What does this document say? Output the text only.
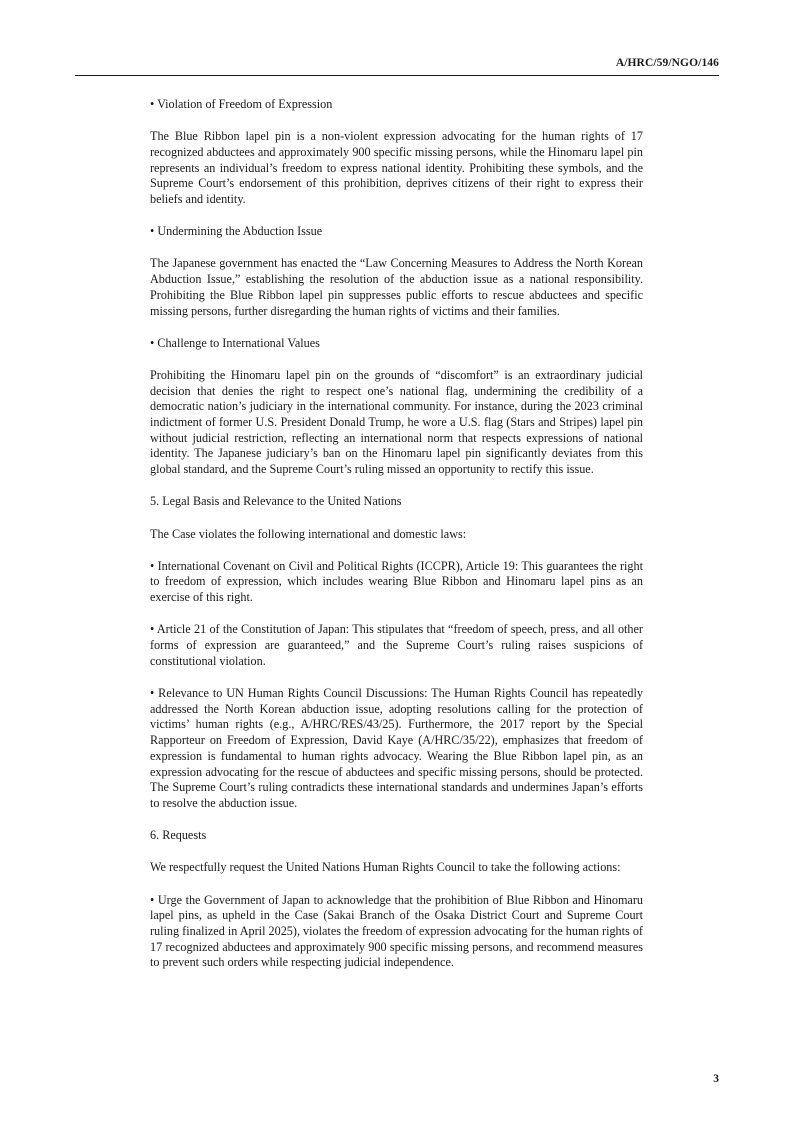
A/HRC/59/NGO/146

• Violation of Freedom of Expression

The Blue Ribbon lapel pin is a non-violent expression advocating for the human rights of 17 recognized abductees and approximately 900 specific missing persons, while the Hinomaru lapel pin represents an individual’s freedom to express national identity. Prohibiting these symbols, and the Supreme Court’s endorsement of this prohibition, deprives citizens of their right to express their beliefs and identity.

• Undermining the Abduction Issue

The Japanese government has enacted the “Law Concerning Measures to Address the North Korean Abduction Issue,” establishing the resolution of the abduction issue as a national responsibility. Prohibiting the Blue Ribbon lapel pin suppresses public efforts to rescue abductees and specific missing persons, further disregarding the human rights of victims and their families.

• Challenge to International Values

Prohibiting the Hinomaru lapel pin on the grounds of “discomfort” is an extraordinary judicial decision that denies the right to respect one’s national flag, undermining the credibility of a democratic nation’s judiciary in the international community. For instance, during the 2023 criminal indictment of former U.S. President Donald Trump, he wore a U.S. flag (Stars and Stripes) lapel pin without judicial restriction, reflecting an international norm that respects expressions of national identity. The Japanese judiciary’s ban on the Hinomaru lapel pin significantly deviates from this global standard, and the Supreme Court’s ruling missed an opportunity to rectify this issue.

5. Legal Basis and Relevance to the United Nations

The Case violates the following international and domestic laws:

• International Covenant on Civil and Political Rights (ICCPR), Article 19: This guarantees the right to freedom of expression, which includes wearing Blue Ribbon and Hinomaru lapel pins as an exercise of this right.

• Article 21 of the Constitution of Japan: This stipulates that “freedom of speech, press, and all other forms of expression are guaranteed,” and the Supreme Court’s ruling raises suspicions of constitutional violation.

• Relevance to UN Human Rights Council Discussions: The Human Rights Council has repeatedly addressed the North Korean abduction issue, adopting resolutions calling for the protection of victims’ human rights (e.g., A/HRC/RES/43/25). Furthermore, the 2017 report by the Special Rapporteur on Freedom of Expression, David Kaye (A/HRC/35/22), emphasizes that freedom of expression is fundamental to human rights advocacy. Wearing the Blue Ribbon lapel pin, as an expression advocating for the rescue of abductees and specific missing persons, should be protected. The Supreme Court’s ruling contradicts these international standards and undermines Japan’s efforts to resolve the abduction issue.

6. Requests

We respectfully request the United Nations Human Rights Council to take the following actions:

• Urge the Government of Japan to acknowledge that the prohibition of Blue Ribbon and Hinomaru lapel pins, as upheld in the Case (Sakai Branch of the Osaka District Court and Supreme Court ruling finalized in April 2025), violates the freedom of expression advocating for the human rights of 17 recognized abductees and approximately 900 specific missing persons, and recommend measures to prevent such orders while respecting judicial independence.

3
